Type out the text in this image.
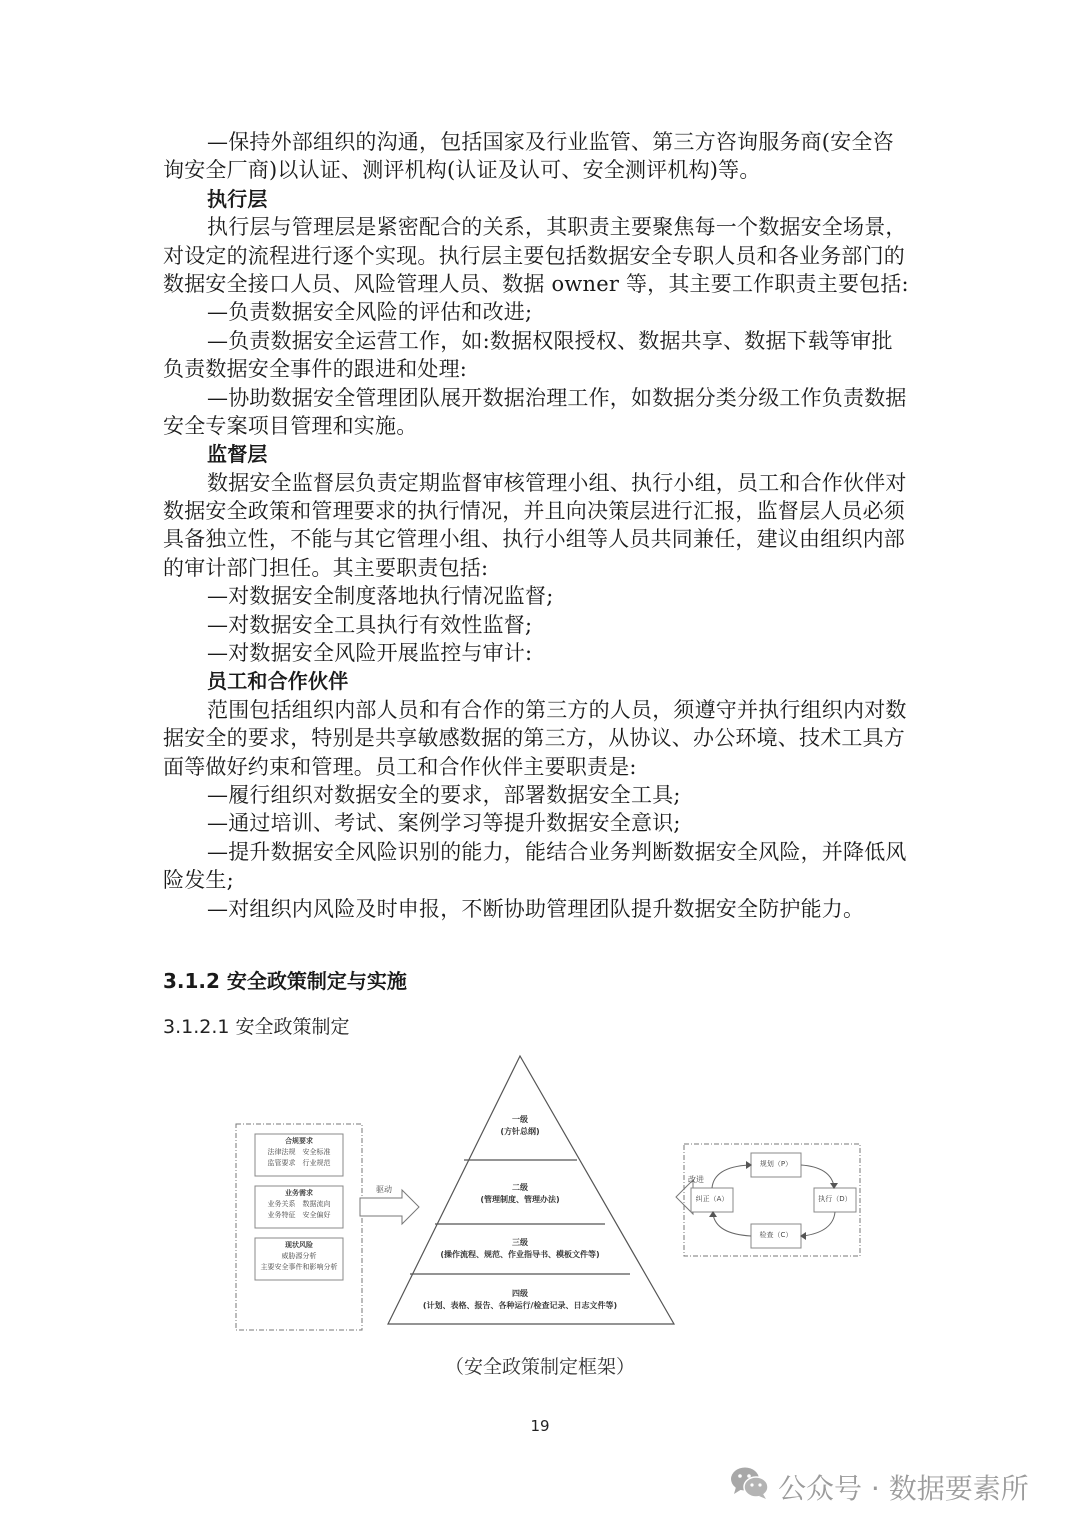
—保持外部组织的沟通，包括国家及行业监管、第三方咨询服务商(安全咨
询安全厂商)以认证、测评机构(认证及认可、安全测评机构)等。
执行层
执行层与管理层是紧密配合的关系，其职责主要聚焦每一个数据安全场景，
对设定的流程进行逐个实现。执行层主要包括数据安全专职人员和各业务部门的
数据安全接口人员、风险管理人员、数据 owner 等，其主要工作职责主要包括:
—负责数据安全风险的评估和改进;
—负责数据安全运营工作，如:数据权限授权、数据共享、数据下载等审批
负责数据安全事件的跟进和处理:
—协助数据安全管理团队展开数据治理工作，如数据分类分级工作负责数据
安全专案项目管理和实施。
监督层
数据安全监督层负责定期监督审核管理小组、执行小组，员工和合作伙伴对
数据安全政策和管理要求的执行情况，并且向决策层进行汇报，监督层人员必须
具备独立性，不能与其它管理小组、执行小组等人员共同兼任，建议由组织内部
的审计部门担任。其主要职责包括:
—对数据安全制度落地执行情况监督;
—对数据安全工具执行有效性监督;
—对数据安全风险开展监控与审计:
员工和合作伙伴
范围包括组织内部人员和有合作的第三方的人员，须遵守并执行组织内对数
据安全的要求，特别是共享敏感数据的第三方，从协议、办公环境、技术工具方
面等做好约束和管理。员工和合作伙伴主要职责是:
—履行组织对数据安全的要求，部署数据安全工具;
—通过培训、考试、案例学习等提升数据安全意识;
—提升数据安全风险识别的能力，能结合业务判断数据安全风险，并降低风
险发生;
—对组织内风险及时申报，不断协助管理团队提升数据安全防护能力。
3.1.2 安全政策制定与实施
3.1.2.1 安全政策制定
合规要求
法律法规　安全标准
监管要求　行业规范
业务需求
业务关系　数据流向
业务特征　安全偏好
现状风险
威胁源分析
主要安全事件和影响分析
驱动
改进
一级
(方针总纲)
二级
(管理制度、管理办法)
三级
(操作流程、规范、作业指导书、模板文件等)
四级
(计划、表格、报告、各种运行/检查记录、日志文件等)
规划（P）
执行（D）
检查（C）
纠正（A）
（安全政策制定框架）
19
公众号 · 数据要素所
